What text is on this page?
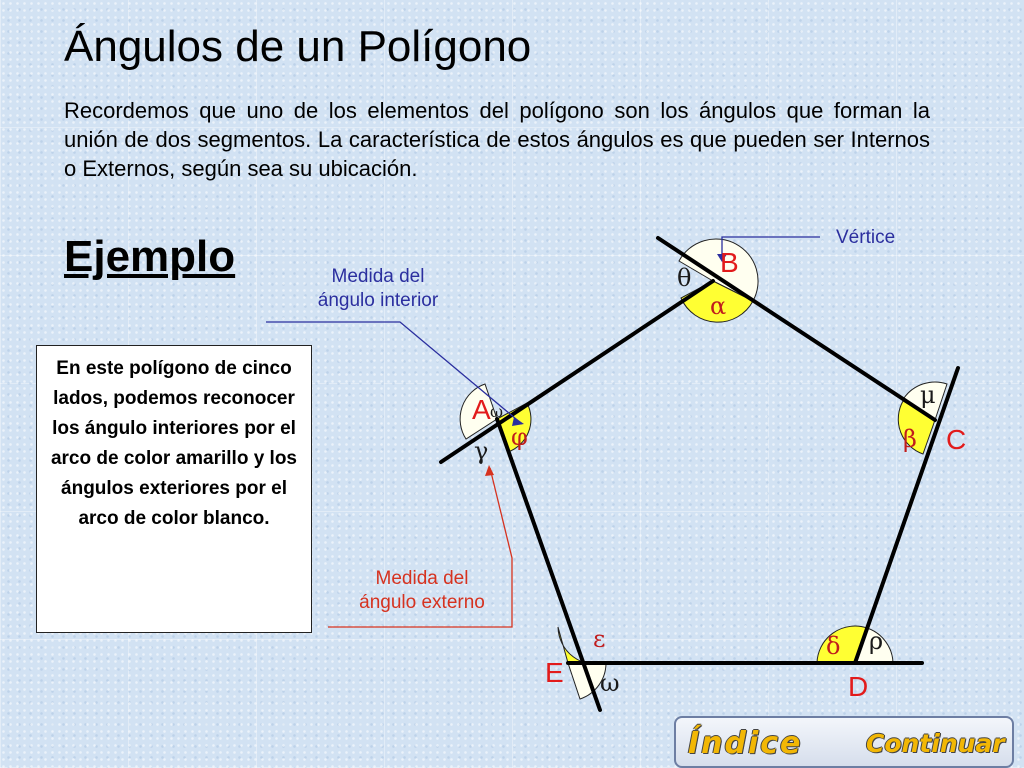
Ángulos de un Polígono

Recordemos que uno de los elementos del polígono son los ángulos que forman la unión de dos segmentos. La característica de estos ángulos es que pueden ser Internos o Externos, según sea su ubicación.

Ejemplo
En este polígono de cinco lados, podemos reconocer los ángulo interiores por el arco de color amarillo y los ángulos exteriores por el arco de color blanco.
Vértice
Medida del
ángulo interior
Medida del
ángulo externo
A
B
C
D
E
α
θ
φ
ω
γ	β
μ
δ ρ
ε
ω
Índice	Continuar
